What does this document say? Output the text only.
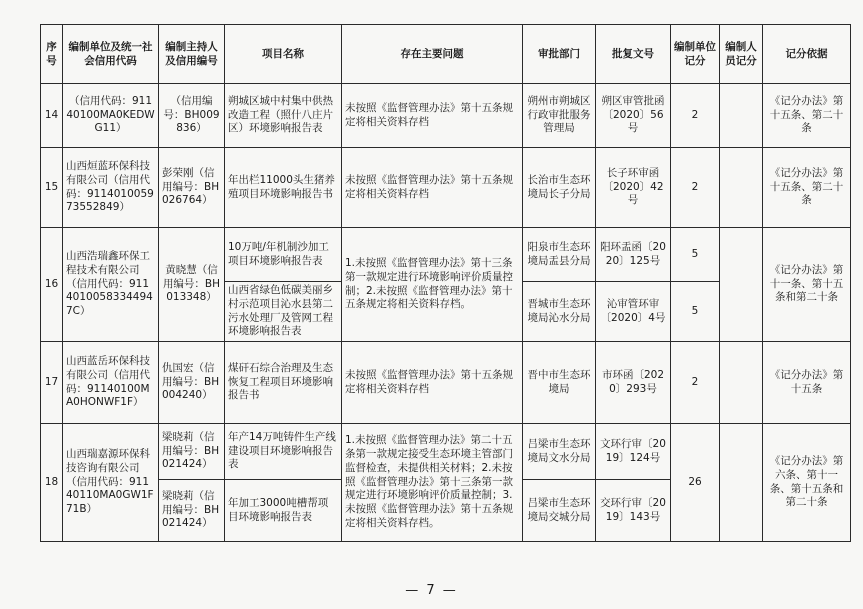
序号	编制单位及统一社会信用代码	编制主持人及信用编号	项目名称	存在主要问题	审批部门	批复文号	编制单位记分	编制人员记分	记分依据
14	（信用代码：91140100MA0KEDWG11）	（信用编号：BH009836）	朔城区城中村集中供热改造工程（照什八庄片区）环境影响报告表	未按照《监督管理办法》第十五条规定将相关资料存档	朔州市朔城区行政审批服务管理局	朔区审管批函〔2020〕56号	2		《记分办法》第十五条、第二十条
15	山西烜蓝环保科技有限公司（信用代码：911401005973552849）	彭荣刚（信用编号：BH026764）	年出栏11000头生猪养殖项目环境影响报告书	未按照《监督管理办法》第十五条规定将相关资料存档	长治市生态环境局长子分局	长子环审函〔2020〕42号	2		《记分办法》第十五条、第二十条
16	山西浩瑞鑫环保工程技术有限公司（信用代码：91140100583344947C）	黄晓慧（信用编号：BH013348）	10万吨/年机制沙加工项目环境影响报告表	1.未按照《监督管理办法》第十三条第一款规定进行环境影响评价质量控制；2.未按照《监督管理办法》第十五条规定将相关资料存档。	阳泉市生态环境局盂县分局	阳环盂函〔2020〕125号	5		《记分办法》第十一条、第十五条和第二十条
			山西省绿色低碳美丽乡村示范项目沁水县第二污水处理厂及管网工程环境影响报告表		晋城市生态环境局沁水分局	沁审管环审〔2020〕4号	5		
17	山西蓝岳环保科技有限公司（信用代码：91140100MA0HONWF1F）	仇国宏（信用编号：BH004240）	煤矸石综合治理及生态恢复工程项目环境影响报告书	未按照《监督管理办法》第十五条规定将相关资料存档	晋中市生态环境局	市环函〔2020〕293号	2		《记分办法》第十五条
18	山西瑞嘉源环保科技咨询有限公司（信用代码：91140110MA0GW1F71B）	梁晓莉（信用编号：BH021424）	年产14万吨铸件生产线建设项目环境影响报告表	1.未按照《监督管理办法》第二十五条第一款规定接受生态环境主管部门监督检查，未提供相关材料；2.未按照《监督管理办法》第十三条第一款规定进行环境影响评价质量控制；3.未按照《监督管理办法》第十五条规定将相关资料存档。	吕梁市生态环境局文水分局	文环行审〔2019〕124号	26		《记分办法》第六条、第十一条、第十五条和第二十条
		梁晓莉（信用编号：BH021424）	年加工3000吨槽帮项目环境影响报告表		吕梁市生态环境局交城分局	交环行审〔2019〕143号			
— 7 —
